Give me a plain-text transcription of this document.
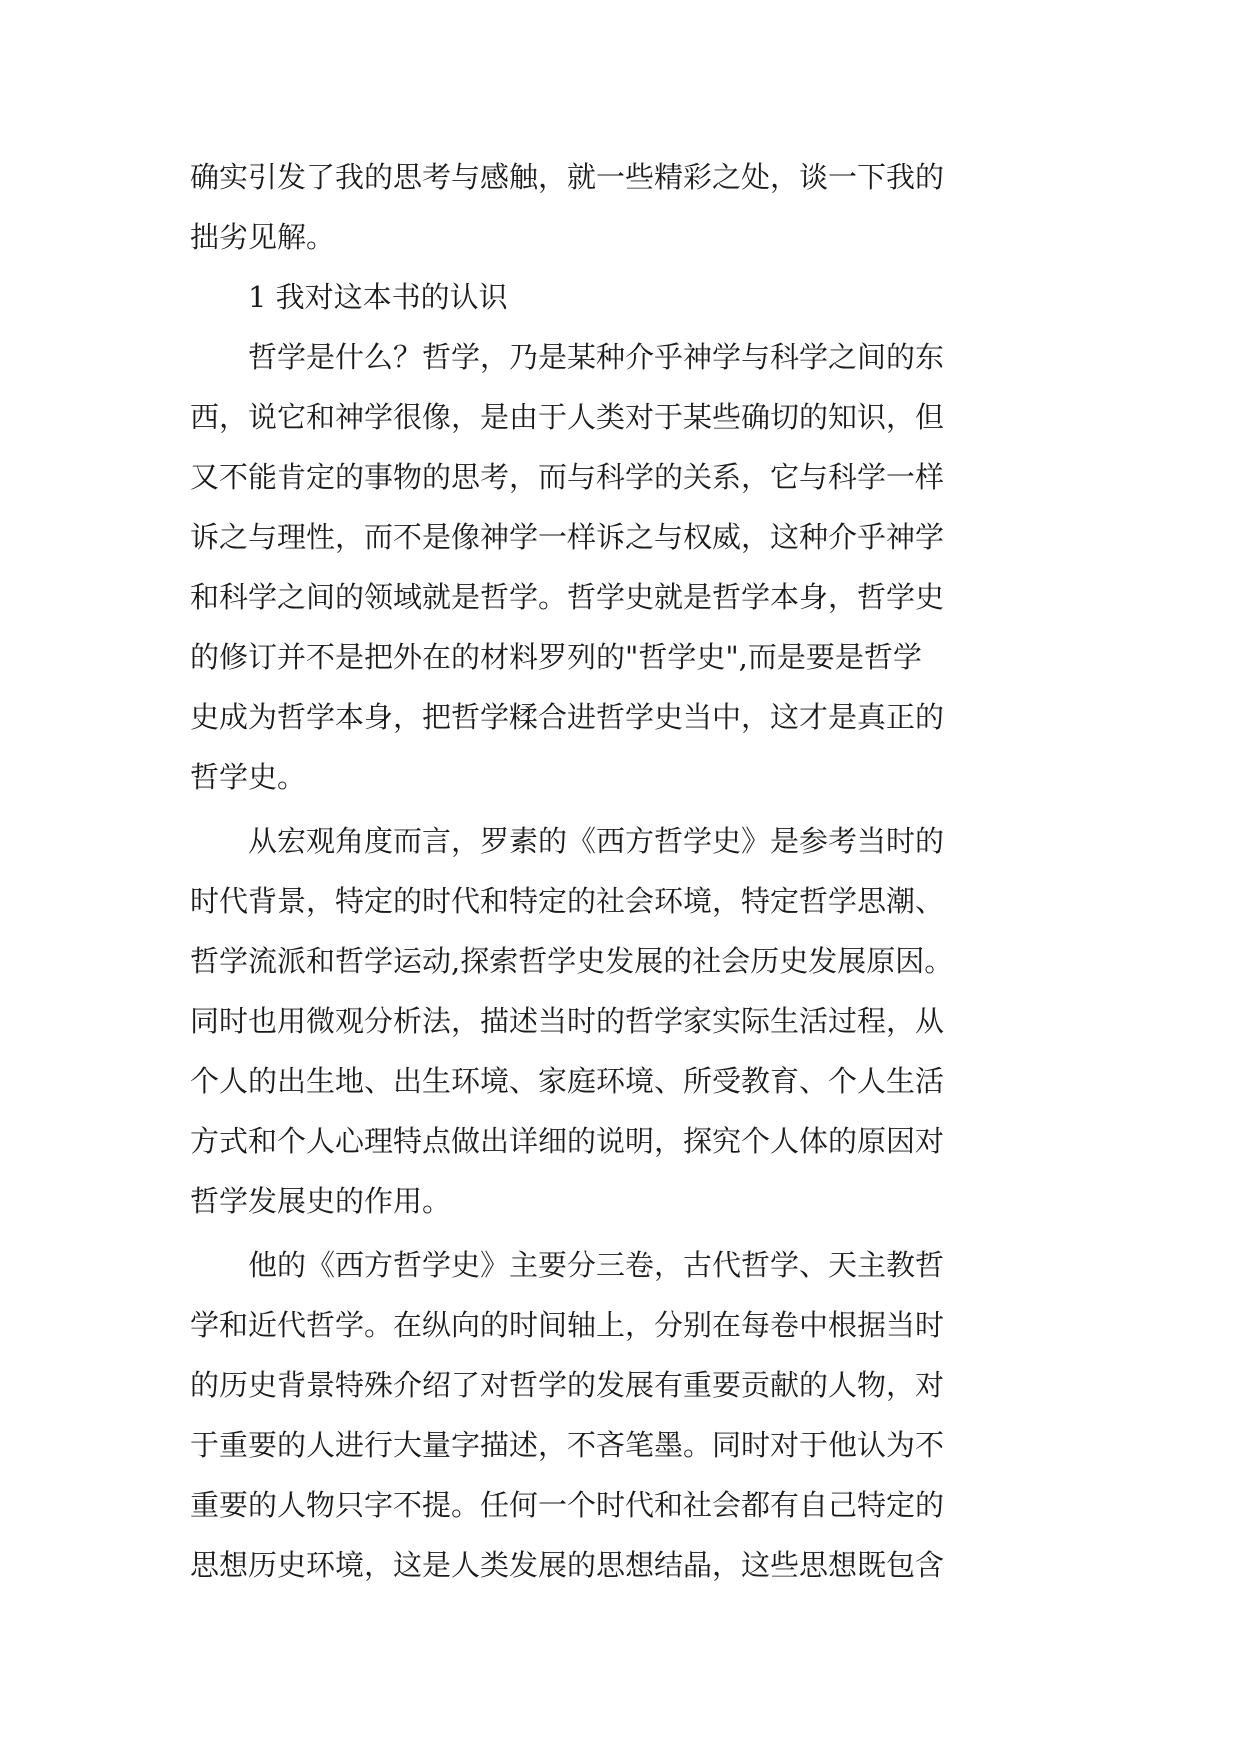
确实引发了我的思考与感触，就一些精彩之处，谈一下我的
拙劣见解。
　　1 我对这本书的认识
　　哲学是什么？哲学，乃是某种介乎神学与科学之间的东
西，说它和神学很像，是由于人类对于某些确切的知识，但
又不能肯定的事物的思考，而与科学的关系，它与科学一样
诉之与理性，而不是像神学一样诉之与权威，这种介乎神学
和科学之间的领域就是哲学。哲学史就是哲学本身，哲学史
的修订并不是把外在的材料罗列的"哲学史",而是要是哲学
史成为哲学本身，把哲学糅合进哲学史当中，这才是真正的
哲学史。
　　从宏观角度而言，罗素的《西方哲学史》是参考当时的
时代背景，特定的时代和特定的社会环境，特定哲学思潮、
哲学流派和哲学运动,探索哲学史发展的社会历史发展原因。
同时也用微观分析法，描述当时的哲学家实际生活过程，从
个人的出生地、出生环境、家庭环境、所受教育、个人生活
方式和个人心理特点做出详细的说明，探究个人体的原因对
哲学发展史的作用。
　　他的《西方哲学史》主要分三卷，古代哲学、天主教哲
学和近代哲学。在纵向的时间轴上，分别在每卷中根据当时
的历史背景特殊介绍了对哲学的发展有重要贡献的人物，对
于重要的人进行大量字描述，不吝笔墨。同时对于他认为不
重要的人物只字不提。任何一个时代和社会都有自己特定的
思想历史环境，这是人类发展的思想结晶，这些思想既包含
